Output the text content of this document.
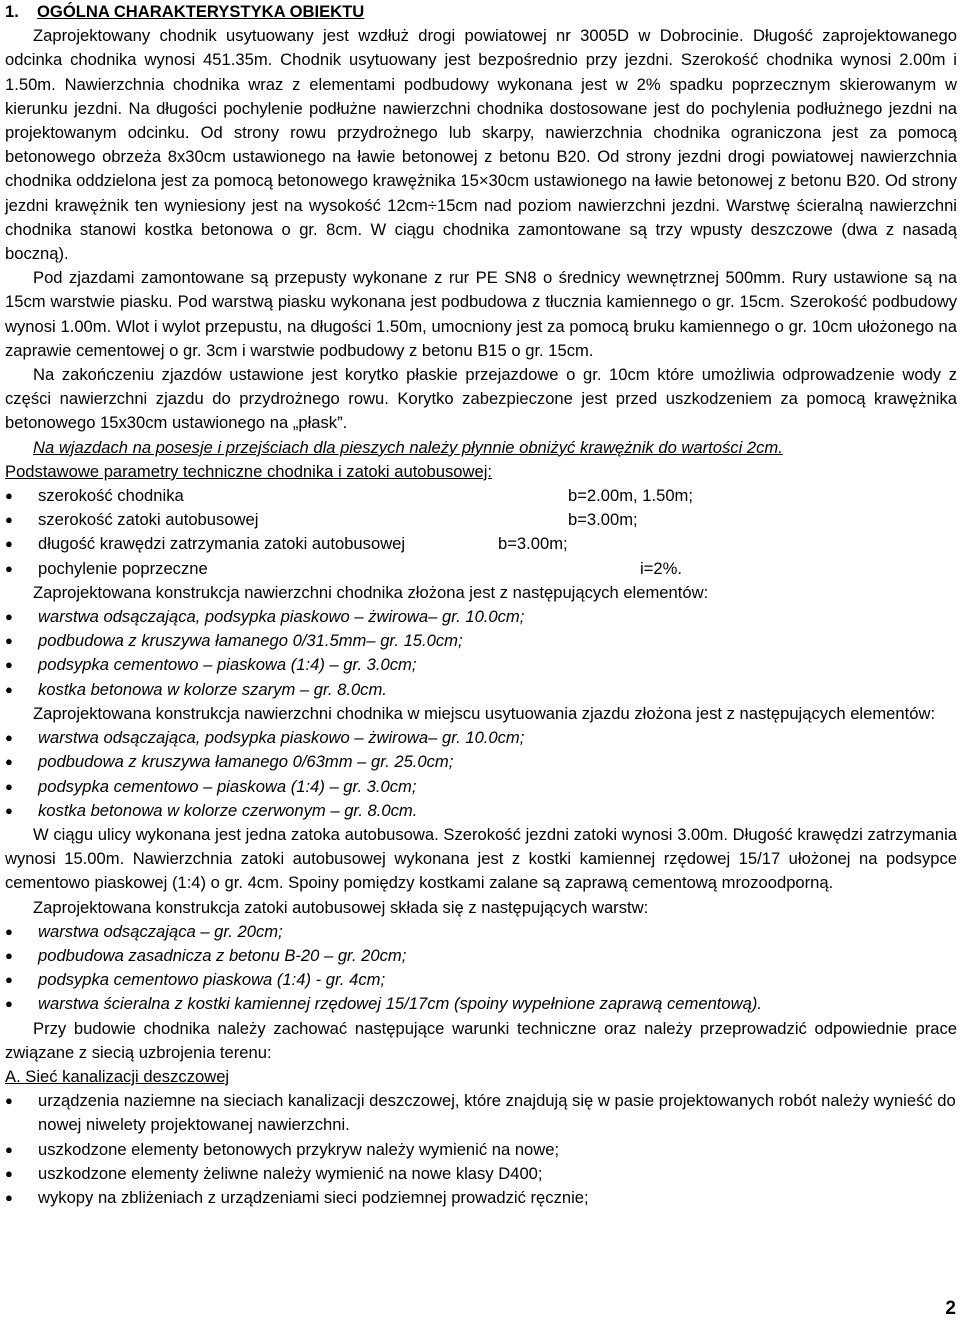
1. OGÓLNA CHARAKTERYSTYKA OBIEKTU

Zaprojektowany chodnik usytuowany jest wzdłuż drogi powiatowej nr 3005D w Dobrocinie. Długość zaprojektowanego odcinka chodnika wynosi 451.35m. Chodnik usytuowany jest bezpośrednio przy jezdni. Szerokość chodnika wynosi 2.00m i 1.50m. Nawierzchnia chodnika wraz z elementami podbudowy wykonana jest w 2% spadku poprzecznym skierowanym w kierunku jezdni. Na długości pochylenie podłużne nawierzchni chodnika dostosowane jest do pochylenia podłużnego jezdni na projektowanym odcinku. Od strony rowu przydrożnego lub skarpy, nawierzchnia chodnika ograniczona jest za pomocą betonowego obrzeża 8x30cm ustawionego na ławie betonowej z betonu B20. Od strony jezdni drogi powiatowej nawierzchnia chodnika oddzielona jest za pomocą betonowego krawężnika 15×30cm ustawionego na ławie betonowej z betonu B20. Od strony jezdni krawężnik ten wyniesiony jest na wysokość 12cm÷15cm nad poziom nawierzchni jezdni. Warstwę ścieralną nawierzchni chodnika stanowi kostka betonowa o gr. 8cm. W ciągu chodnika zamontowane są trzy wpusty deszczowe (dwa z nasadą boczną).

Pod zjazdami zamontowane są przepusty wykonane z rur PE SN8 o średnicy wewnętrznej 500mm. Rury ustawione są na 15cm warstwie piasku. Pod warstwą piasku wykonana jest podbudowa z tłucznia kamiennego o gr. 15cm. Szerokość podbudowy wynosi 1.00m. Wlot i wylot przepustu, na długości 1.50m, umocniony jest za pomocą bruku kamiennego o gr. 10cm ułożonego na zaprawie cementowej o gr. 3cm i warstwie podbudowy z betonu B15 o gr. 15cm.

Na zakończeniu zjazdów ustawione jest korytko płaskie przejazdowe o gr. 10cm które umożliwia odprowadzenie wody z części nawierzchni zjazdu do przydrożnego rowu. Korytko zabezpieczone jest przed uszkodzeniem za pomocą krawężnika betonowego 15x30cm ustawionego na „płask”.

Na wjazdach na posesje i przejściach dla pieszych należy płynnie obniżyć krawężnik do wartości 2cm.

Podstawowe parametry techniczne chodnika i zatoki autobusowej:

● szerokość chodnika	b=2.00m, 1.50m;
● szerokość zatoki autobusowej	b=3.00m;
● długość krawędzi zatrzymania zatoki autobusowej	b=3.00m;
● pochylenie poprzeczne	i=2%.

Zaprojektowana konstrukcja nawierzchni chodnika złożona jest z następujących elementów:

● warstwa odsączająca, podsypka piaskowo – żwirowa– gr. 10.0cm;
● podbudowa z kruszywa łamanego 0/31.5mm– gr. 15.0cm;
● podsypka cementowo – piaskowa (1:4) – gr. 3.0cm;
● kostka betonowa w kolorze szarym – gr. 8.0cm.

Zaprojektowana konstrukcja nawierzchni chodnika w miejscu usytuowania zjazdu złożona jest z następujących elementów:

● warstwa odsączająca, podsypka piaskowo – żwirowa– gr. 10.0cm;
● podbudowa z kruszywa łamanego 0/63mm – gr. 25.0cm;
● podsypka cementowo – piaskowa (1:4) – gr. 3.0cm;
● kostka betonowa w kolorze czerwonym – gr. 8.0cm.

W ciągu ulicy wykonana jest jedna zatoka autobusowa. Szerokość jezdni zatoki wynosi 3.00m. Długość krawędzi zatrzymania wynosi 15.00m. Nawierzchnia zatoki autobusowej wykonana jest z kostki kamiennej rzędowej 15/17 ułożonej na podsypce cementowo piaskowej (1:4) o gr. 4cm. Spoiny pomiędzy kostkami zalane są zaprawą cementową mrozoodporną.

Zaprojektowana konstrukcja zatoki autobusowej składa się z następujących warstw:

● warstwa odsączająca – gr. 20cm;
● podbudowa zasadnicza z betonu B-20 – gr. 20cm;
● podsypka cementowo piaskowa (1:4) - gr. 4cm;
● warstwa ścieralna z kostki kamiennej rzędowej 15/17cm (spoiny wypełnione zaprawą cementową).

Przy budowie chodnika należy zachować następujące warunki techniczne oraz należy przeprowadzić odpowiednie prace związane z siecią uzbrojenia terenu:

A. Sieć kanalizacji deszczowej

● urządzenia naziemne na sieciach kanalizacji deszczowej, które znajdują się w pasie projektowanych robót należy wynieść do nowej niwelety projektowanej nawierzchni.
● uszkodzone elementy betonowych przykryw należy wymienić na nowe;
● uszkodzone elementy żeliwne należy wymienić na nowe klasy D400;
● wykopy na zbliżeniach z urządzeniami sieci podziemnej prowadzić ręcznie;
2
